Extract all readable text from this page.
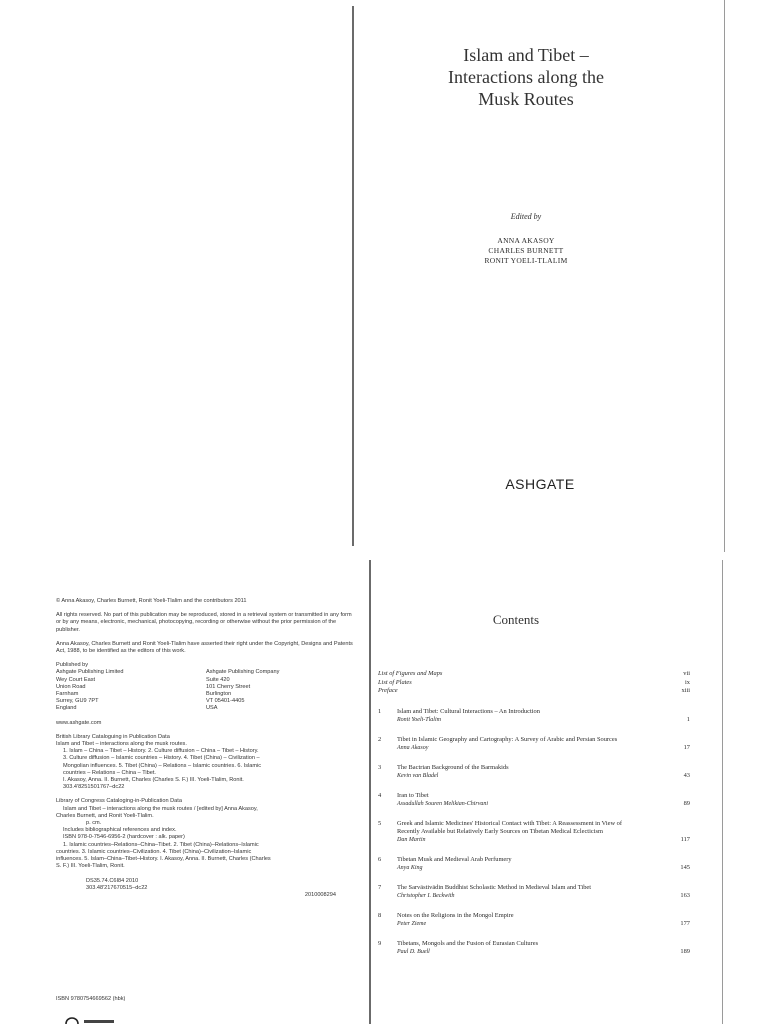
Islam and Tibet –
Interactions along the
Musk Routes
Edited by
ANNA AKASOY
CHARLES BURNETT
RONIT YOELI-TLALIM
ASHGATE

© Anna Akasoy, Charles Burnett, Ronit Yoeli-Tlalim and the contributors 2011

All rights reserved. No part of this publication may be reproduced, stored in a retrieval system or transmitted in any form or by any means, electronic, mechanical, photocopying, recording or otherwise without the prior permission of the publisher.

Anna Akasoy, Charles Burnett and Ronit Yoeli-Tlalim have asserted their right under the Copyright, Designs and Patents Act, 1988, to be identified as the editors of this work.

Published by
Ashgate Publishing Limited
Wey Court East
Union Road
Farnham
Surrey, GU9 7PT
England
Ashgate Publishing Company
Suite 420
101 Cherry Street
Burlington
VT 05401-4405
USA

www.ashgate.com

British Library Cataloguing in Publication Data
Islam and Tibet – interactions along the musk routes.
1. Islam – China – Tibet – History. 2. Culture diffusion – China – Tibet – History.
3. Culture diffusion – Islamic countries – History. 4. Tibet (China) – Civilization –
Mongolian influences. 5. Tibet (China) – Relations – Islamic countries. 6. Islamic
countries – Relations – China – Tibet.
I. Akasoy, Anna. II. Burnett, Charles (Charles S. F.) III. Yoeli-Tlalim, Ronit.
303.4'8251501767–dc22
Library of Congress Cataloging-in-Publication Data
Islam and Tibet – interactions along the musk routes / [edited by] Anna Akasoy,
Charles Burnett, and Ronit Yoeli-Tlalim.
p. cm.
Includes bibliographical references and index.
ISBN 978-0-7546-6956-2 (hardcover : alk. paper)
1. Islamic countries–Relations–China–Tibet. 2. Tibet (China)–Relations–Islamic
countries. 3. Islamic countries–Civilization. 4. Tibet (China)–Civilization–Islamic
influences. 5. Islam–China–Tibet–History. I. Akasoy, Anna. II. Burnett, Charles (Charles
S. F.) III. Yoeli-Tlalim, Ronit.
DS35.74.C6I84 2010
303.48'217670515–dc22
2010008294
ISBN 9780754669562 (hbk)
Contents
List of Figures and Maps	vii
List of Plates	ix
Preface	xiii
1	Islam and Tibet: Cultural Interactions – An Introduction
Ronit Yoeli-Tlalim	1
2	Tibet in Islamic Geography and Cartography: A Survey of Arabic and Persian Sources
Anna Akasoy	17
3	The Bactrian Background of the Barmakids
Kevin van Bladel	43
4	Iran to Tibet
Assadullah Souren Melikian-Chirvani	89
5	Greek and Islamic Medicines' Historical Contact with Tibet: A Reassessment in View of Recently Available but Relatively Early Sources on Tibetan Medical Eclecticism
Dan Martin	117
6	Tibetan Musk and Medieval Arab Perfumery
Anya King	145
7	The Sarvāstivādin Buddhist Scholastic Method in Medieval Islam and Tibet
Christopher I. Beckwith	163
8	Notes on the Religions in the Mongol Empire
Peter Zieme	177
9	Tibetans, Mongols and the Fusion of Eurasian Cultures
Paul D. Buell	189
